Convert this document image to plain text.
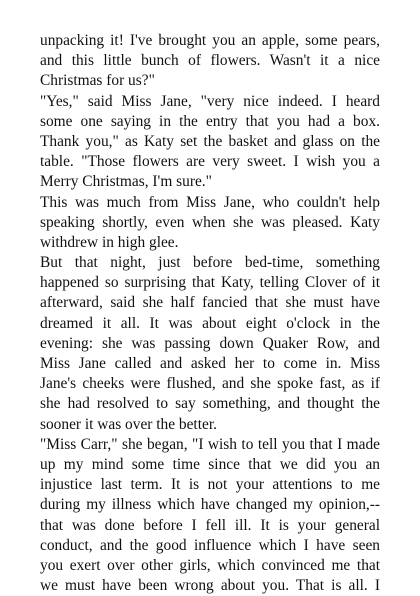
unpacking it! I've brought you an apple, some pears,
and this little bunch of flowers. Wasn't it a nice
Christmas for us?"

"Yes," said Miss Jane, "very nice indeed. I heard
some one saying in the entry that you had a box.
Thank you," as Katy set the basket and glass on the
table. "Those flowers are very sweet. I wish you a
Merry Christmas, I'm sure."

This was much from Miss Jane, who couldn't help
speaking shortly, even when she was pleased. Katy
withdrew in high glee.

But that night, just before bed-time, something
happened so surprising that Katy, telling Clover of it
afterward, said she half fancied that she must have
dreamed it all. It was about eight o'clock in the
evening: she was passing down Quaker Row, and
Miss Jane called and asked her to come in. Miss
Jane's cheeks were flushed, and she spoke fast, as if
she had resolved to say something, and thought the
sooner it was over the better.

"Miss Carr," she began, "I wish to tell you that I made
up my mind some time since that we did you an
injustice last term. It is not your attentions to me
during my illness which have changed my opinion,--
that was done before I fell ill. It is your general
conduct, and the good influence which I have seen
you exert over other girls, which convinced me that
we must have been wrong about you. That is all. I
